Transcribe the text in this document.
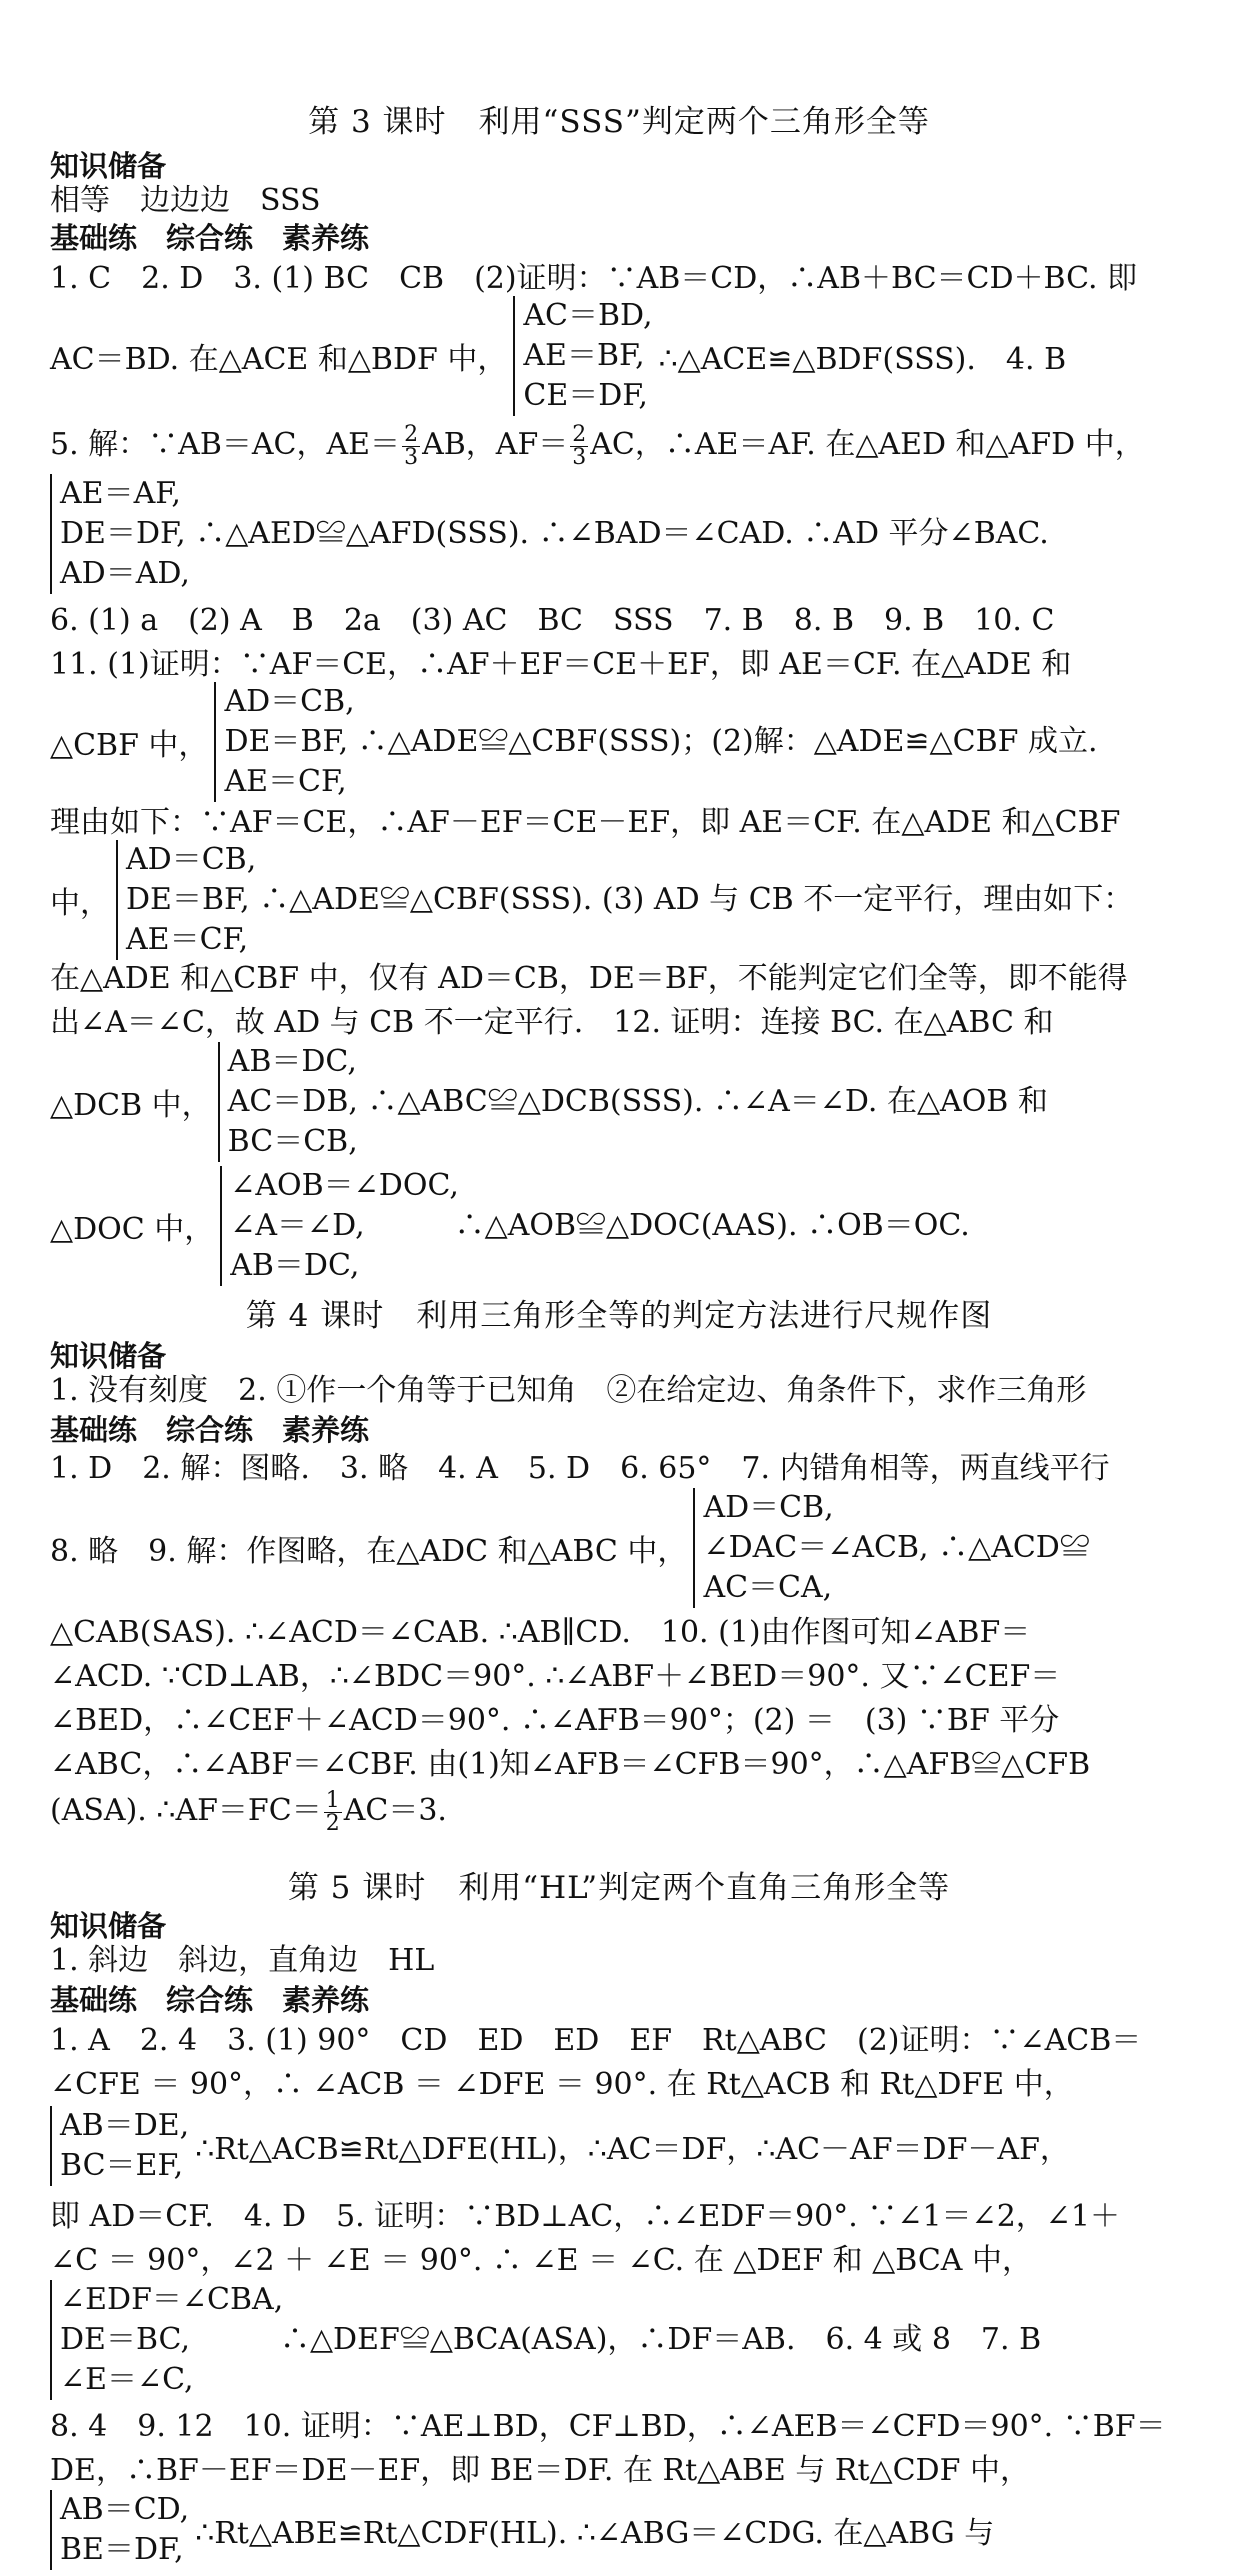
第 3 课时　利用“SSS”判定两个三角形全等
知识储备
相等　边边边　SSS
基础练　综合练　素养练
1. C　2. D　3. (1) BC　CB　(2)证明：∵AB＝CD，∴AB＋BC＝CD＋BC. 即
AC＝BD. 在△ACE 和△BDF 中，
AC＝BD,
AE＝BF,
CE＝DF,
∴△ACE≌△BDF(SSS).　4. B
5. 解：∵AB＝AC，$AE= \frac{2}{3}$ AB，$AF= \frac{2}{3}$ AC，∴AE＝AF. 在△AED 和△AFD 中，
AE＝AF,
DE＝DF, ∴△AED≌△AFD(SSS). ∴∠BAD＝∠CAD. ∴AD 平分∠BAC.
AD＝AD,
6. (1) a　(2) A　B　2a　(3) AC　BC　SSS　7. B　8. B　9. B　10. C
11. (1)证明：∵AF＝CE，∴AF＋EF＝CE＋EF，即 AE＝CF. 在△ADE 和
△CBF 中，
AD＝CB,
DE＝BF, ∴△ADE≌△CBF(SSS)；(2)解：△ADE≌△CBF 成立.
AE＝CF,
理由如下：∵AF＝CE，∴AF－EF＝CE－EF，即 AE＝CF. 在△ADE 和△CBF
中，
AD＝CB,
DE＝BF, ∴△ADE≌△CBF(SSS). (3) AD 与 CB 不一定平行，理由如下：
AE＝CF,
在△ADE 和△CBF 中，仅有 AD＝CB，DE＝BF，不能判定它们全等，即不能得
出∠A＝∠C，故 AD 与 CB 不一定平行.　12. 证明：连接 BC. 在△ABC 和
△DCB 中，
AB＝DC,
AC＝DB, ∴△ABC≌△DCB(SSS). ∴∠A＝∠D. 在△AOB 和
BC＝CB,
△DOC 中，
∠AOB＝∠DOC,
∠A＝∠D,　　　∴△AOB≌△DOC(AAS). ∴OB＝OC.
AB＝DC,
第 4 课时　利用三角形全等的判定方法进行尺规作图
知识储备
1. 没有刻度　2. ①作一个角等于已知角　②在给定边、角条件下，求作三角形
基础练　综合练　素养练
1. D　2. 解：图略.　3. 略　4. A　5. D　6. 65°　7. 内错角相等，两直线平行
8. 略　9. 解：作图略，在△ADC 和△ABC 中，
AD＝CB,
∠DAC＝∠ACB, ∴△ACD≌
AC＝CA,
△CAB(SAS). ∴∠ACD＝∠CAB. ∴AB∥CD.　10. (1)由作图可知∠ABF＝
∠ACD. ∵CD⊥AB，∴∠BDC＝90°. ∴∠ABF＋∠BED＝90°. 又∵∠CEF＝
∠BED，∴∠CEF＋∠ACD＝90°. ∴∠AFB＝90°；(2) ＝　(3) ∵BF 平分
∠ABC，∴∠ABF＝∠CBF. 由(1)知∠AFB＝∠CFB＝90°，∴△AFB≌△CFB
(ASA). ∴AF＝FC＝ $\frac{1}{2} AC=3$.
第 5 课时　利用“HL”判定两个直角三角形全等
知识储备
1. 斜边　斜边，直角边　HL
基础练　综合练　素养练
1. A　2. 4　3. (1) 90°　CD　ED　ED　EF　Rt△ABC　(2)证明：∵∠ACB＝
∠CFE ＝ 90°，∴ ∠ACB ＝ ∠DFE ＝ 90°. 在 Rt△ACB 和 Rt△DFE 中，
AB＝DE,
BC＝EF, ∴Rt△ACB≌Rt△DFE(HL)，∴AC＝DF，∴AC－AF＝DF－AF，
即 AD＝CF.　4. D　5. 证明：∵BD⊥AC，∴∠EDF＝90°. ∵∠1＝∠2，∠1＋
∠C ＝ 90°，∠2 ＋ ∠E ＝ 90°. ∴ ∠E ＝ ∠C. 在 △DEF 和 △BCA 中，
∠EDF＝∠CBA,
DE＝BC,　　　∴△DEF≌△BCA(ASA)，∴DF＝AB.　6. 4 或 8　7. B
∠E＝∠C,
8. 4　9. 12　10. 证明：∵AE⊥BD，CF⊥BD，∴∠AEB＝∠CFD＝90°. ∵BF＝
DE，∴BF－EF＝DE－EF，即 BE＝DF. 在 Rt△ABE 与 Rt△CDF 中，
AB＝CD,
BE＝DF, ∴Rt△ABE≌Rt△CDF(HL). ∴∠ABG＝∠CDG. 在△ABG 与
